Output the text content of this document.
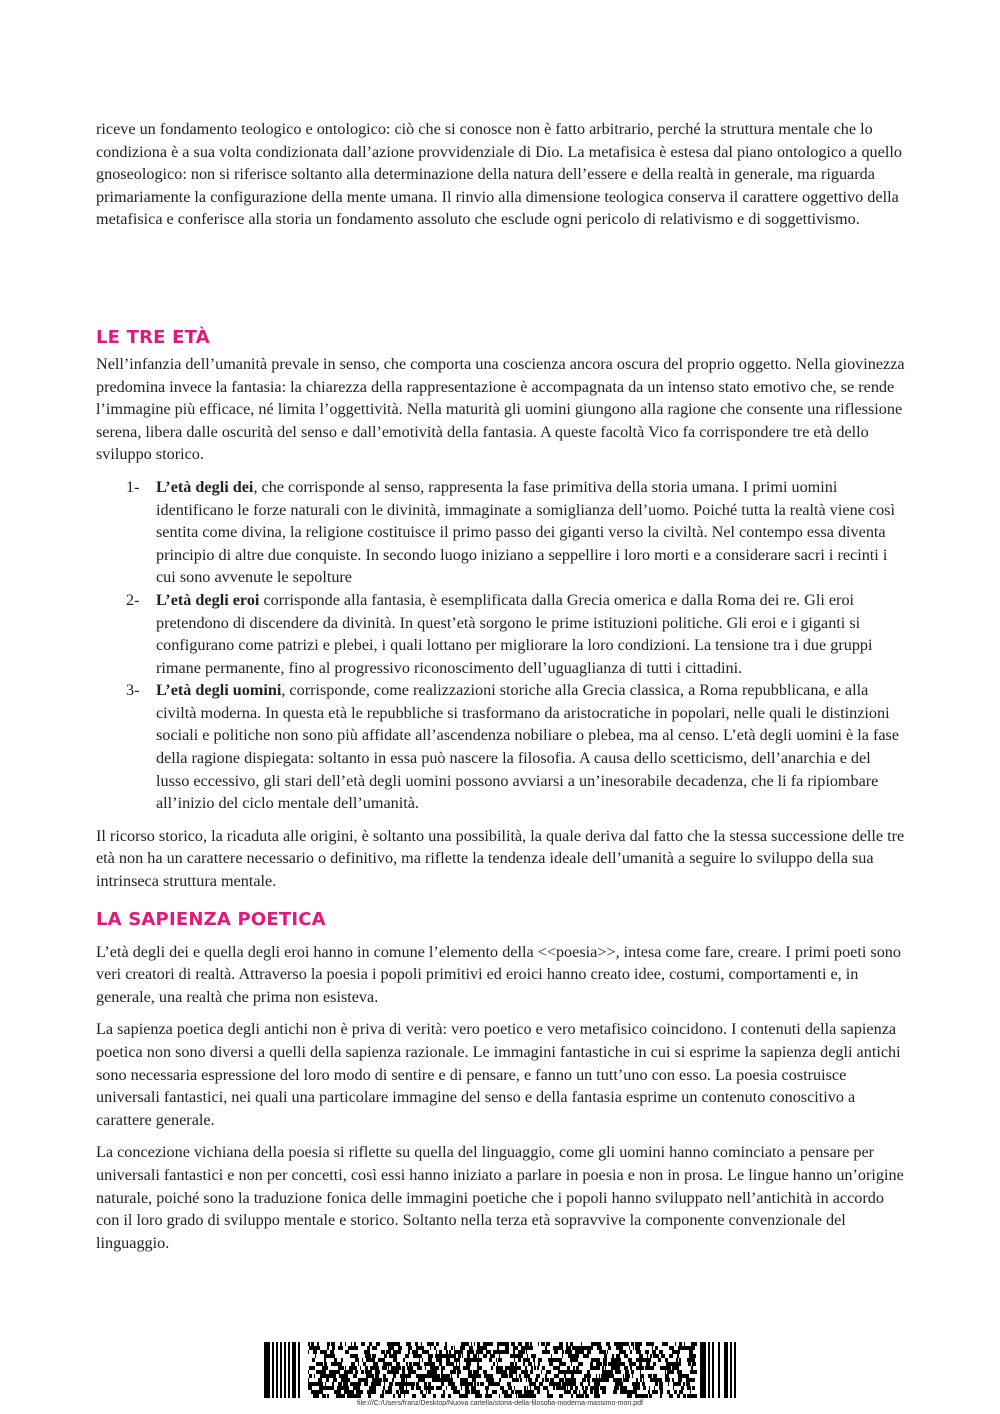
riceve un fondamento teologico e ontologico: ciò che si conosce non è fatto arbitrario, perché la struttura mentale che lo condiziona è a sua volta condizionata dall’azione provvidenziale di Dio. La metafisica è estesa dal piano ontologico a quello gnoseologico: non si riferisce soltanto alla determinazione della natura dell’essere e della realtà in generale, ma riguarda primariamente la configurazione della mente umana. Il rinvio alla dimensione teologica conserva il carattere oggettivo della metafisica e conferisce alla storia un fondamento assoluto che esclude ogni pericolo di relativismo e di soggettivismo.

LE TRE ETÀ

Nell’infanzia dell’umanità prevale in senso, che comporta una coscienza ancora oscura del proprio oggetto. Nella giovinezza predomina invece la fantasia: la chiarezza della rappresentazione è accompagnata da un intenso stato emotivo che, se rende l’immagine più efficace, né limita l’oggettività. Nella maturità gli uomini giungono alla ragione che consente una riflessione serena, libera dalle oscurità del senso e dall’emotività della fantasia. A queste facoltà Vico fa corrispondere tre età dello sviluppo storico.

1- L’età degli dei, che corrisponde al senso, rappresenta la fase primitiva della storia umana. I primi uomini identificano le forze naturali con le divinità, immaginate a somiglianza dell’uomo. Poiché tutta la realtà viene così sentita come divina, la religione costituisce il primo passo dei giganti verso la civiltà. Nel contempo essa diventa principio di altre due conquiste. In secondo luogo iniziano a seppellire i loro morti e a considerare sacri i recinti i cui sono avvenute le sepolture
2- L’età degli eroi corrisponde alla fantasia, è esemplificata dalla Grecia omerica e dalla Roma dei re. Gli eroi pretendono di discendere da divinità. In quest’età sorgono le prime istituzioni politiche. Gli eroi e i giganti si configurano come patrizi e plebei, i quali lottano per migliorare la loro condizioni. La tensione tra i due gruppi rimane permanente, fino al progressivo riconoscimento dell’uguaglianza di tutti i cittadini.
3- L’età degli uomini, corrisponde, come realizzazioni storiche alla Grecia classica, a Roma repubblicana, e alla civiltà moderna. In questa età le repubbliche si trasformano da aristocratiche in popolari, nelle quali le distinzioni sociali e politiche non sono più affidate all’ascendenza nobiliare o plebea, ma al censo. L’età degli uomini è la fase della ragione dispiegata: soltanto in essa può nascere la filosofia. A causa dello scetticismo, dell’anarchia e del lusso eccessivo, gli stari dell’età degli uomini possono avviarsi a un’inesorabile decadenza, che li fa ripiombare all’inizio del ciclo mentale dell’umanità.

Il ricorso storico, la ricaduta alle origini, è soltanto una possibilità, la quale deriva dal fatto che la stessa successione delle tre età non ha un carattere necessario o definitivo, ma riflette la tendenza ideale dell’umanità a seguire lo sviluppo della sua intrinseca struttura mentale.

LA SAPIENZA POETICA

L’età degli dei e quella degli eroi hanno in comune l’elemento della <<poesia>>, intesa come fare, creare. I primi poeti sono veri creatori di realtà. Attraverso la poesia i popoli primitivi ed eroici hanno creato idee, costumi, comportamenti e, in generale, una realtà che prima non esisteva.

La sapienza poetica degli antichi non è priva di verità: vero poetico e vero metafisico coincidono. I contenuti della sapienza poetica non sono diversi a quelli della sapienza razionale. Le immagini fantastiche in cui si esprime la sapienza degli antichi sono necessaria espressione del loro modo di sentire e di pensare, e fanno un tutt’uno con esso. La poesia costruisce universali fantastici, nei quali una particolare immagine del senso e della fantasia esprime un contenuto conoscitivo a carattere generale.

La concezione vichiana della poesia si riflette su quella del linguaggio, come gli uomini hanno cominciato a pensare per universali fantastici e non per concetti, così essi hanno iniziato a parlare in poesia e non in prosa. Le lingue hanno un’origine naturale, poiché sono la traduzione fonica delle immagini poetiche che i popoli hanno sviluppato nell’antichità in accordo con il loro grado di sviluppo mentale e storico. Soltanto nella terza età sopravvive la componente convenzionale del linguaggio.

file:///C:/Users/franz/Desktop/Nuova cartella/storia-della-filosofia-moderna-massimo-mori.pdf
